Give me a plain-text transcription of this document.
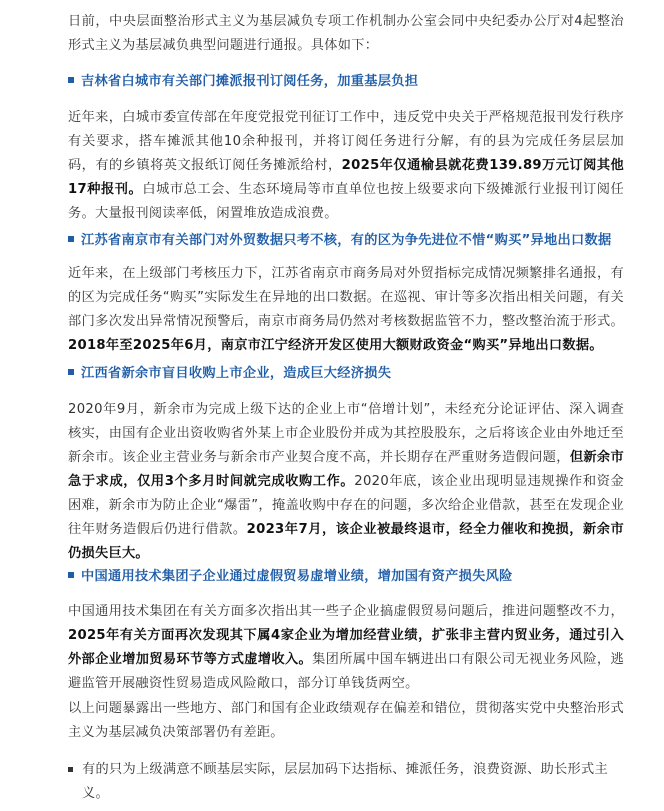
日前，中央层面整治形式主义为基层减负专项工作机制办公室会同中央纪委办公厅对4起整治形式主义为基层减负典型问题进行通报。具体如下：

吉林省白城市有关部门摊派报刊订阅任务，加重基层负担

近年来，白城市委宣传部在年度党报党刊征订工作中，违反党中央关于严格规范报刊发行秩序有关要求，搭车摊派其他10余种报刊，并将订阅任务进行分解，有的县为完成任务层层加码，有的乡镇将英文报纸订阅任务摊派给村，2025年仅通榆县就花费139.89万元订阅其他17种报刊。白城市总工会、生态环境局等市直单位也按上级要求向下级摊派行业报刊订阅任务。大量报刊阅读率低，闲置堆放造成浪费。

江苏省南京市有关部门对外贸数据只考不核，有的区为争先进位不惜“购买”异地出口数据

近年来，在上级部门考核压力下，江苏省南京市商务局对外贸指标完成情况频繁排名通报，有的区为完成任务“购买”实际发生在异地的出口数据。在巡视、审计等多次指出相关问题，有关部门多次发出异常情况预警后，南京市商务局仍然对考核数据监管不力，整改整治流于形式。2018年至2025年6月，南京市江宁经济开发区使用大额财政资金“购买”异地出口数据。

江西省新余市盲目收购上市企业，造成巨大经济损失

2020年9月，新余市为完成上级下达的企业上市“倍增计划”，未经充分论证评估、深入调查核实，由国有企业出资收购省外某上市企业股份并成为其控股股东，之后将该企业由外地迁至新余市。该企业主营业务与新余市产业契合度不高，并长期存在严重财务造假问题，但新余市急于求成，仅用3个多月时间就完成收购工作。2020年底，该企业出现明显违规操作和资金困难，新余市为防止企业“爆雷”，掩盖收购中存在的问题，多次给企业借款，甚至在发现企业往年财务造假后仍进行借款。2023年7月，该企业被最终退市，经全力催收和挽损，新余市仍损失巨大。

中国通用技术集团子企业通过虚假贸易虚增业绩，增加国有资产损失风险

中国通用技术集团在有关方面多次指出其一些子企业搞虚假贸易问题后，推进问题整改不力，2025年有关方面再次发现其下属4家企业为增加经营业绩，扩张非主营内贸业务，通过引入外部企业增加贸易环节等方式虚增收入。集团所属中国车辆进出口有限公司无视业务风险，逃避监管开展融资性贸易造成风险敞口，部分订单钱货两空。

以上问题暴露出一些地方、部门和国有企业政绩观存在偏差和错位，贯彻落实党中央整治形式主义为基层减负决策部署仍有差距。

有的只为上级满意不顾基层实际，层层加码下达指标、摊派任务，浪费资源、助长形式主义。
